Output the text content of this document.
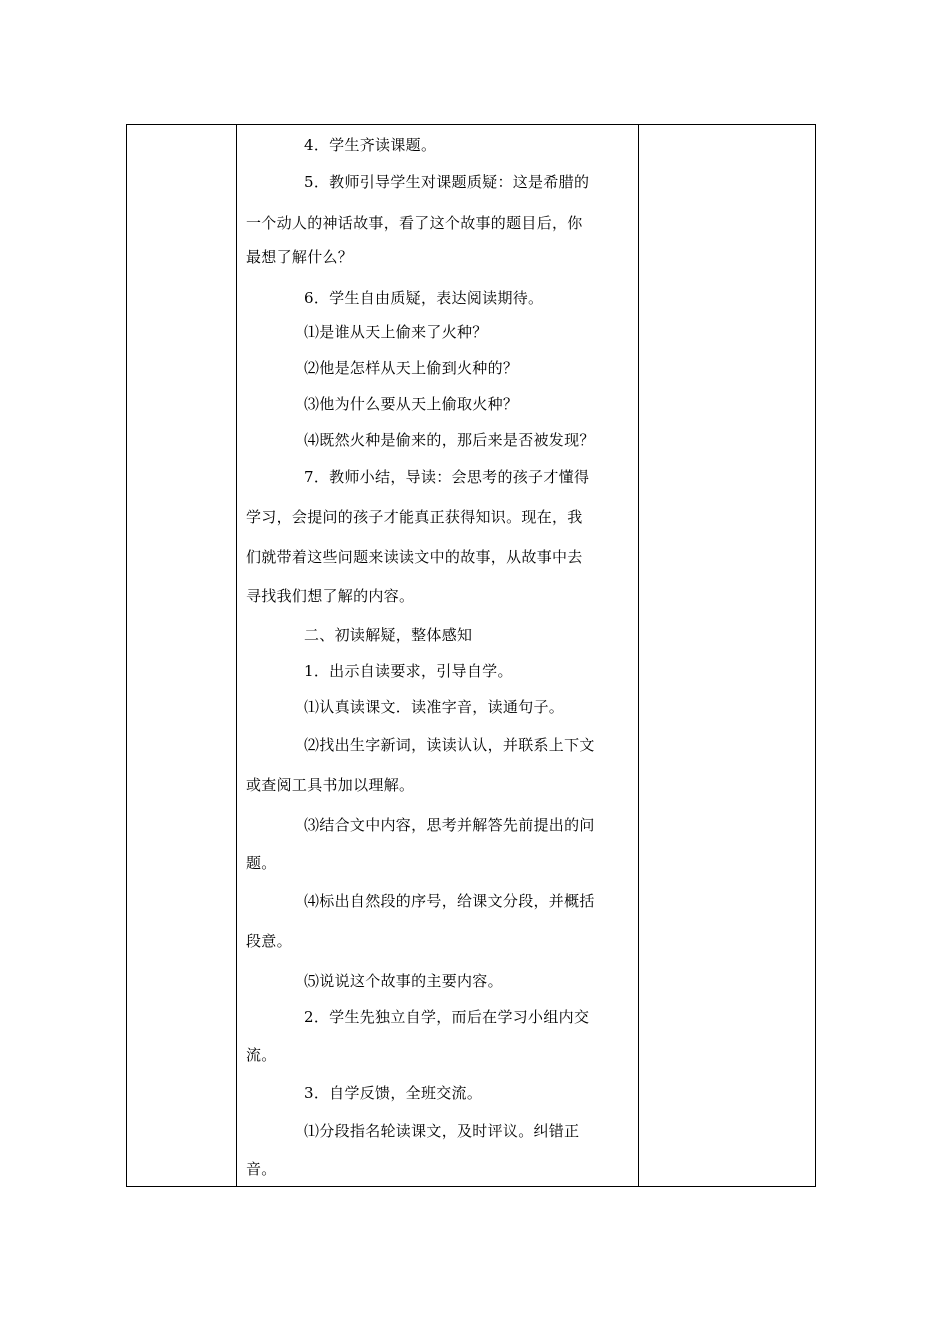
4．学生齐读课题。
5．教师引导学生对课题质疑：这是希腊的
一个动人的神话故事，看了这个故事的题目后，你
最想了解什么？
6．学生自由质疑，表达阅读期待。
⑴是谁从天上偷来了火种？
⑵他是怎样从天上偷到火种的？
⑶他为什么要从天上偷取火种？
⑷既然火种是偷来的，那后来是否被发现？
7．教师小结，导读：会思考的孩子才懂得
学习，会提问的孩子才能真正获得知识。现在，我
们就带着这些问题来读读文中的故事，从故事中去
寻找我们想了解的内容。
二、初读解疑，整体感知
1．出示自读要求，引导自学。
⑴认真读课文．读准字音，读通句子。
⑵找出生字新词，读读认认，并联系上下文
或查阅工具书加以理解。
⑶结合文中内容，思考并解答先前提出的问
题。
⑷标出自然段的序号，给课文分段，并概括
段意。
⑸说说这个故事的主要内容。
2．学生先独立自学，而后在学习小组内交
流。
3．自学反馈，全班交流。
⑴分段指名轮读课文，及时评议。纠错正
音。
